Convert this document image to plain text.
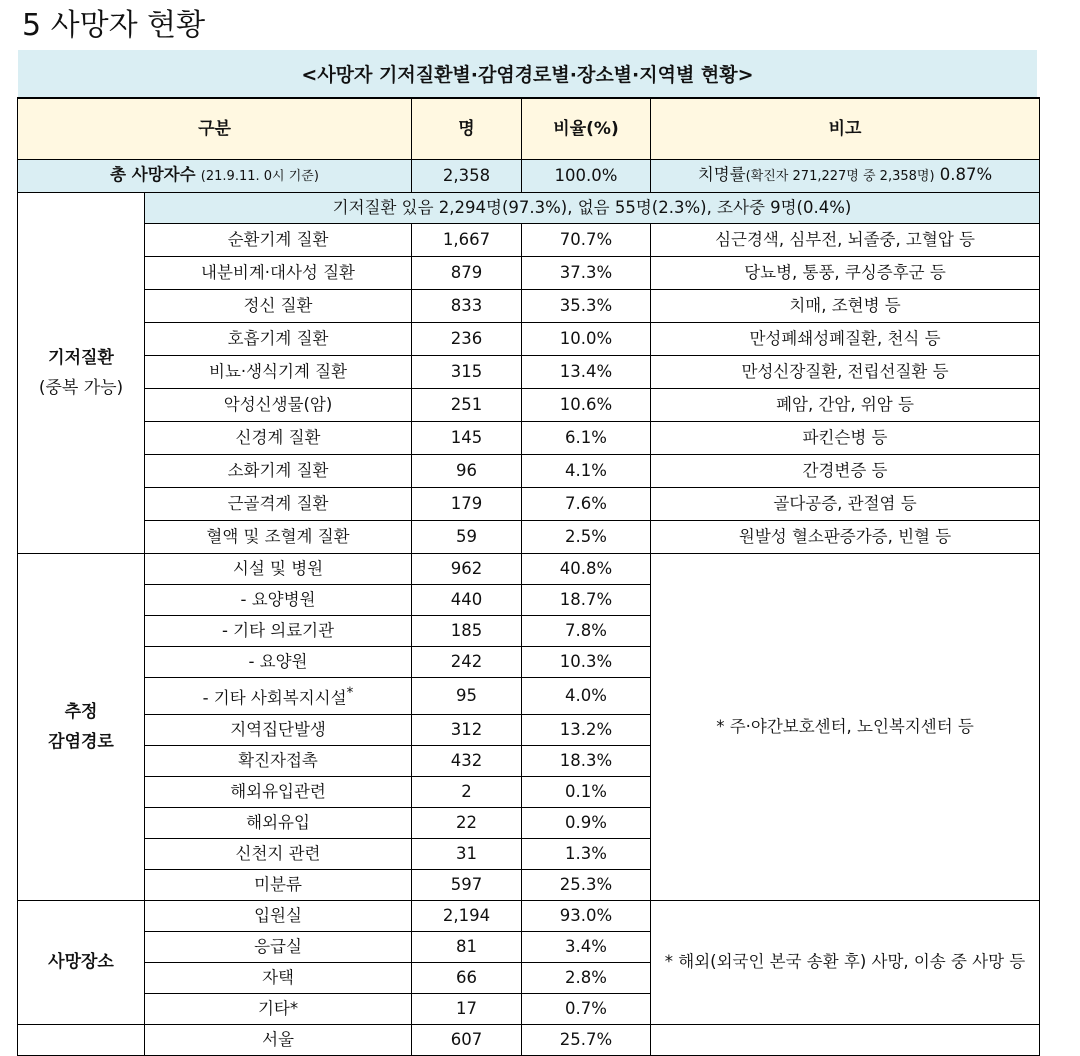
5 사망자 현황
<사망자 기저질환별·감염경로별·장소별·지역별 현황>
구분		명	비율(%)	비고
총 사망자수 (21.9.11. 0시 기준)		2,358	100.0%	치명률(확진자 271,227명 중 2,358명) 0.87%

기저질환
(중복 가능)	기저질환 있음 2,294명(97.3%), 없음 55명(2.3%), 조사중 9명(0.4%)			
	순환기계 질환	1,667	70.7%	심근경색, 심부전, 뇌졸중, 고혈압 등
	내분비계·대사성 질환	879	37.3%	당뇨병, 통풍, 쿠싱증후군 등
	정신 질환	833	35.3%	치매, 조현병 등
	호흡기계 질환	236	10.0%	만성폐쇄성폐질환, 천식 등
	비뇨·생식기계 질환	315	13.4%	만성신장질환, 전립선질환 등
	악성신생물(암)	251	10.6%	폐암, 간암, 위암 등
	신경계 질환	145	6.1%	파킨슨병 등
	소화기계 질환	96	4.1%	간경변증 등
	근골격계 질환	179	7.6%	골다공증, 관절염 등
	혈액 및 조혈계 질환	59	2.5%	원발성 혈소판증가증, 빈혈 등

추정
감염경로	시설 및 병원	962	40.8%	* 주·야간보호센터, 노인복지센터 등
	- 요양병원	440	18.7%	
	- 기타 의료기관	185	7.8%	
	- 요양원	242	10.3%	
	- 기타 사회복지시설*	95	4.0%	
	지역집단발생	312	13.2%	
	확진자접촉	432	18.3%	
	해외유입관련	2	0.1%	
	해외유입	22	0.9%	
	신천지 관련	31	1.3%	
	미분류	597	25.3%	
사망장소	입원실	2,194	93.0%	* 해외(외국인 본국 송환 후) 사망, 이송 중 사망 등
	응급실	81	3.4%	
	자택	66	2.8%	
	기타*	17	0.7%	
	서울	607	25.7%	
